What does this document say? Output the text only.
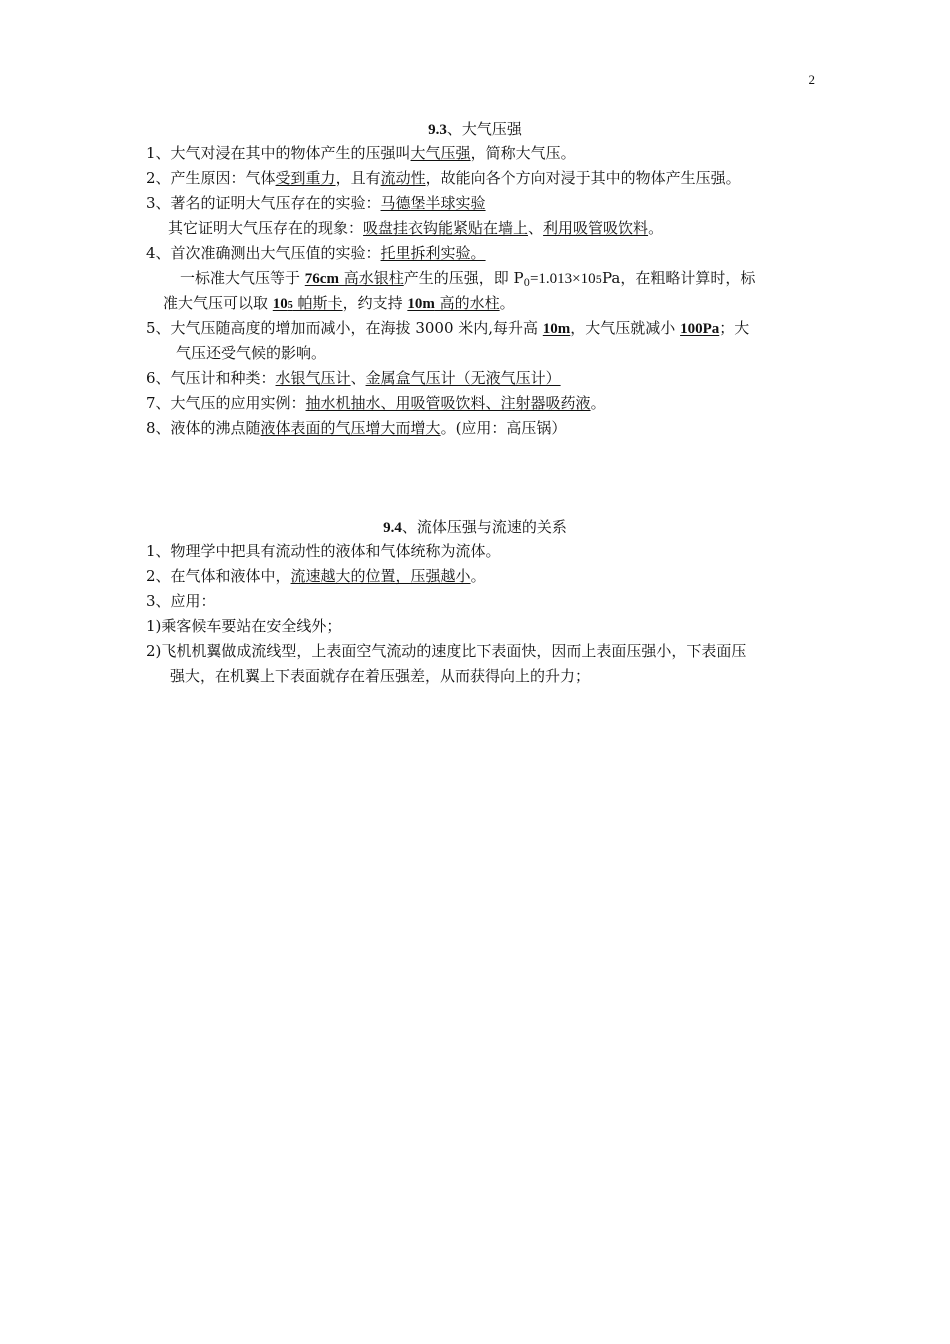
2
9.3、大气压强
1、大气对浸在其中的物体产生的压强叫大气压强，简称大气压。
2、产生原因：气体受到重力，且有流动性，故能向各个方向对浸于其中的物体产生压强。
3、著名的证明大气压存在的实验：马德堡半球实验
其它证明大气压存在的现象：吸盘挂衣钩能紧贴在墙上、利用吸管吸饮料。
4、首次准确测出大气压值的实验：托里拆利实验。
一标准大气压等于 76cm 高水银柱产生的压强，即 $P_0=1.013\times 105Pa$，在粗略计算时，标
准大气压可以取 105 帕斯卡，约支持 10m 高的水柱。
5、大气压随高度的增加而减小，在海拔 3000 米内,每升高 10m，大气压就减小 100Pa；大
气压还受气候的影响。
6、气压计和种类：水银气压计、金属盒气压计（无液气压计）
7、大气压的应用实例：抽水机抽水、用吸管吸饮料、注射器吸药液。
8、液体的沸点随液体表面的气压增大而增大。(应用：高压锅）
9.4、流体压强与流速的关系
1、物理学中把具有流动性的液体和气体统称为流体。
2、在气体和液体中，流速越大的位置，压强越小。
3、应用：
1)乘客候车要站在安全线外；
2)飞机机翼做成流线型，上表面空气流动的速度比下表面快，因而上表面压强小，下表面压
强大，在机翼上下表面就存在着压强差，从而获得向上的升力；
